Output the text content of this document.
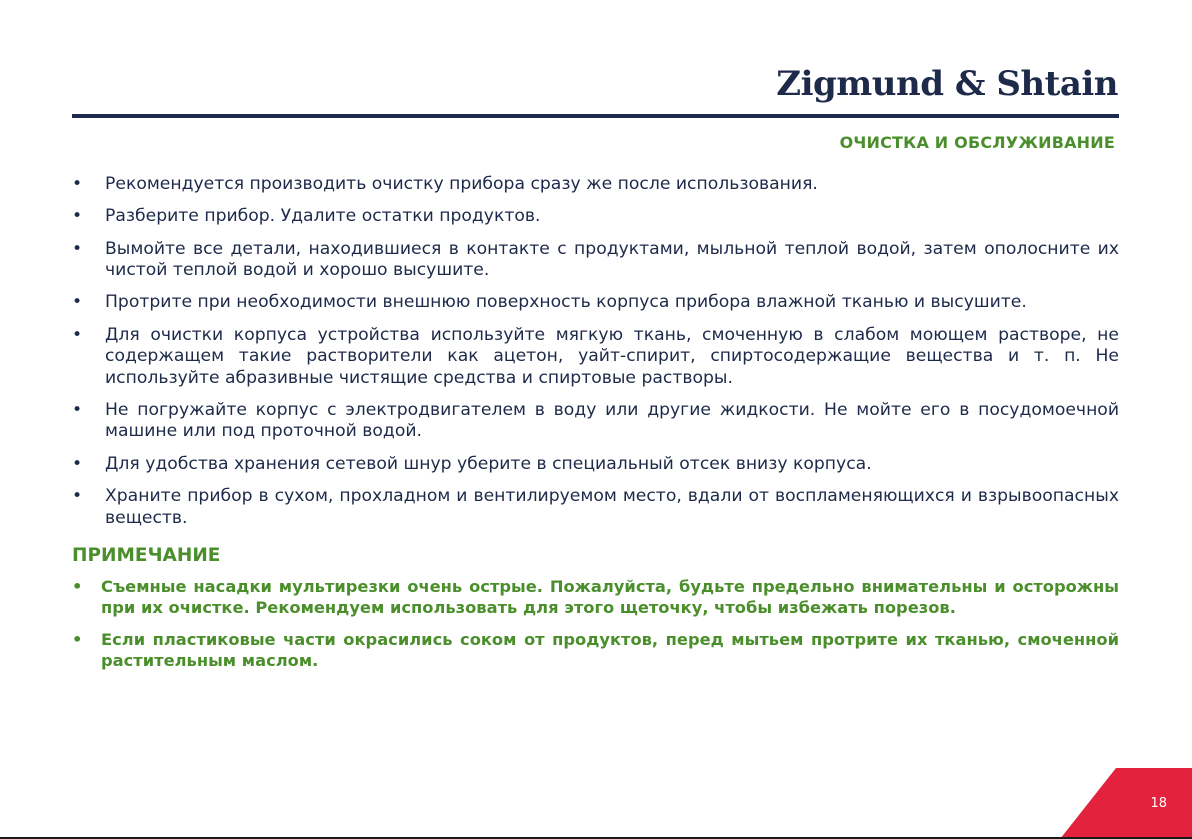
Zigmund & Shtain
ОЧИСТКА И ОБСЛУЖИВАНИЕ
• Рекомендуется производить очистку прибора сразу же после использования.
• Разберите прибор. Удалите остатки продуктов.
• Вымойте все детали, находившиеся в контакте с продуктами, мыльной теплой водой, затем ополосните их чистой теплой водой и хорошо высушите.
• Протрите при необходимости внешнюю поверхность корпуса прибора влажной тканью и высушите.
• Для очистки корпуса устройства используйте мягкую ткань, смоченную в слабом моющем растворе, не содержащем такие растворители как ацетон, уайт-спирит, спиртосодержащие вещества и т. п. Не используйте абразивные чистящие средства и спиртовые растворы.
• Не погружайте корпус с электродвигателем в воду или другие жидкости. Не мойте его в посудомоечной машине или под проточной водой.
• Для удобства хранения сетевой шнур уберите в специальный отсек внизу корпуса.
• Храните прибор в сухом, прохладном и вентилируемом место, вдали от воспламеняющихся и взрывоопасных веществ.
ПРИМЕЧАНИЕ
• Съемные насадки мультирезки очень острые. Пожалуйста, будьте предельно внимательны и осторожны при их очистке. Рекомендуем использовать для этого щеточку, чтобы избежать порезов.
• Если пластиковые части окрасились соком от продуктов, перед мытьем протрите их тканью, смоченной растительным маслом.
18
